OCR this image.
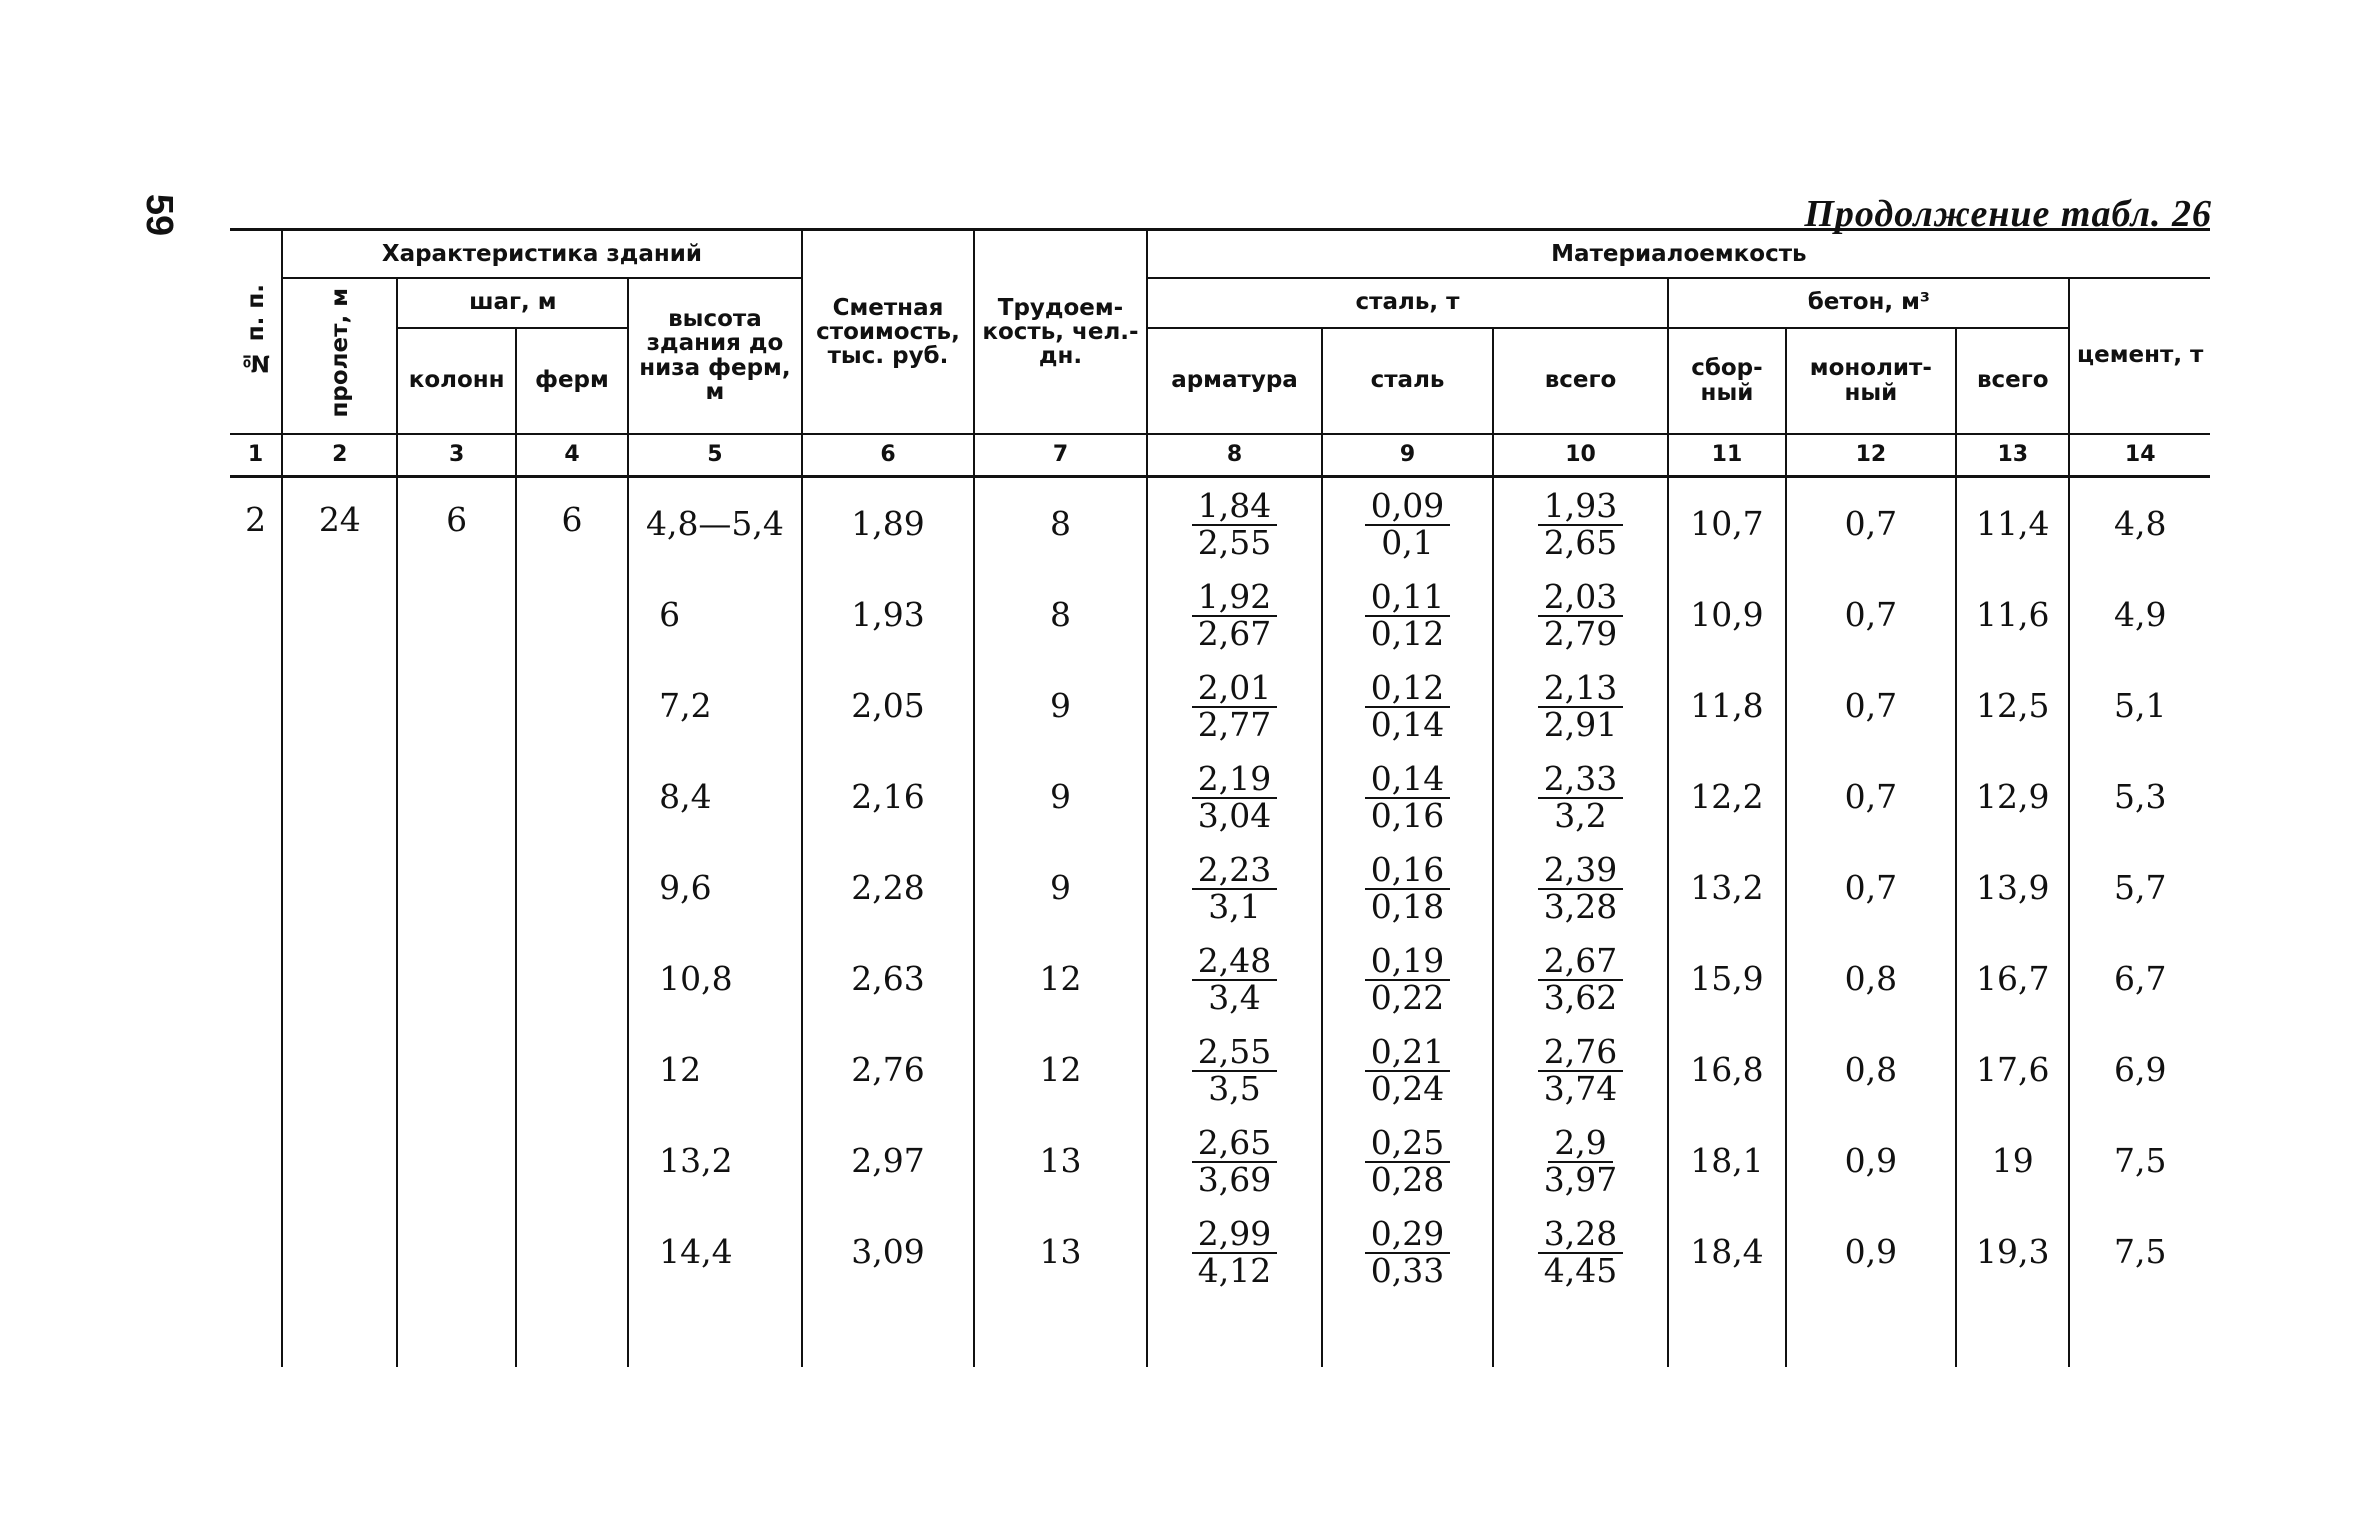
59	Продолжение табл. 26
№ п. п.	Характеристика зданий				Сметная стоимость, тыс. руб.	Трудоем- кость, чел.-дн.	Материалоемкость						
	пролет, м	шаг, м		высота здания до низа ферм, м			сталь, т			бетон, м³			цемент, т
		колонн	ферм				арматура	сталь	всего	сбор- ный	монолит- ный	всего	

1	2	3	4	5	6	7	8	9	10	11	12	13	14
2	24	6	6	4,8—5,4	1,89	8	$\frac{1,84}{2,55}$	$\frac{0,09}{0,1}$	$\frac{1,93}{2,65}$	10,7	0,7	11,4	4,8
				6	1,93	8	$\frac{1,92}{2,67}$	$\frac{0,11}{0,12}$	$\frac{2,03}{2,79}$	10,9	0,7	11,6	4,9
				7,2	2,05	9	$\frac{2,01}{2,77}$	$\frac{0,12}{0,14}$	$\frac{2,13}{2,91}$	11,8	0,7	12,5	5,1
				8,4	2,16	9	$\frac{2,19}{3,04}$	$\frac{0,14}{0,16}$	$\frac{2,33}{3,2}$	12,2	0,7	12,9	5,3
				9,6	2,28	9	$\frac{2,23}{3,1}$	$\frac{0,16}{0,18}$	$\frac{2,39}{3,28}$	13,2	0,7	13,9	5,7
				10,8	2,63	12	$\frac{2,48}{3,4}$	$\frac{0,19}{0,22}$	$\frac{2,67}{3,62}$	15,9	0,8	16,7	6,7
				12	2,76	12	$\frac{2,55}{3,5}$	$\frac{0,21}{0,24}$	$\frac{2,76}{3,74}$	16,8	0,8	17,6	6,9
				13,2	2,97	13	$\frac{2,65}{3,69}$	$\frac{0,25}{0,28}$	$\frac{2,9}{3,97}$	18,1	0,9	19	7,5
				14,4	3,09	13	$\frac{2,99}{4,12}$	$\frac{0,29}{0,33}$	$\frac{3,28}{4,45}$	18,4	0,9	19,3	7,5
